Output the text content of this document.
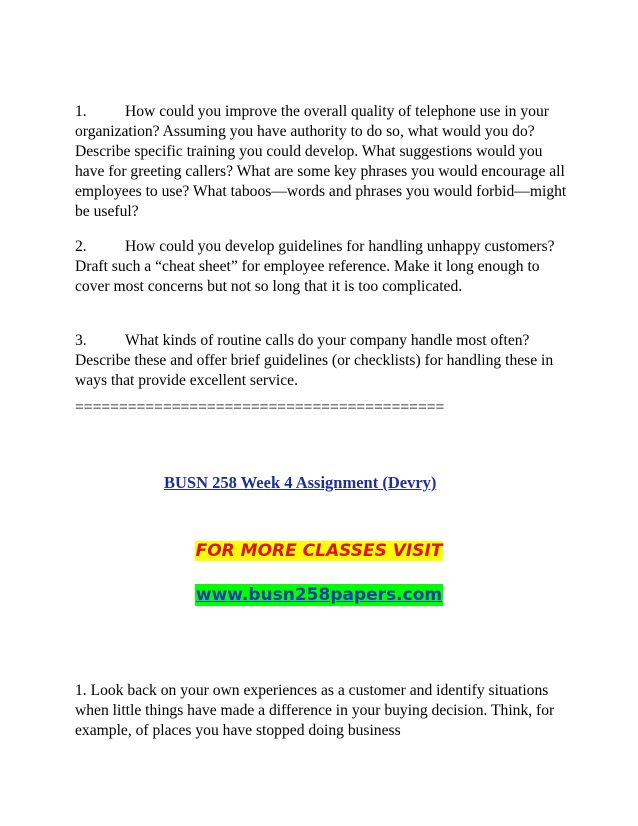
1. How could you improve the overall quality of telephone use in your organization? Assuming you have authority to do so, what would you do? Describe specific training you could develop. What suggestions would you have for greeting callers? What are some key phrases you would encourage all employees to use? What taboos—words and phrases you would forbid—might be useful?

2. How could you develop guidelines for handling unhappy customers? Draft such a “cheat sheet” for employee reference. Make it long enough to cover most concerns but not so long that it is too complicated.

3. What kinds of routine calls do your company handle most often? Describe these and offer brief guidelines (or checklists) for handling these in ways that provide excellent service.

==========================================
BUSN 258 Week 4 Assignment (Devry)
FOR MORE CLASSES VISIT
www.busn258papers.com

1. Look back on your own experiences as a customer and identify situations when little things have made a difference in your buying decision. Think, for example, of places you have stopped doing business
